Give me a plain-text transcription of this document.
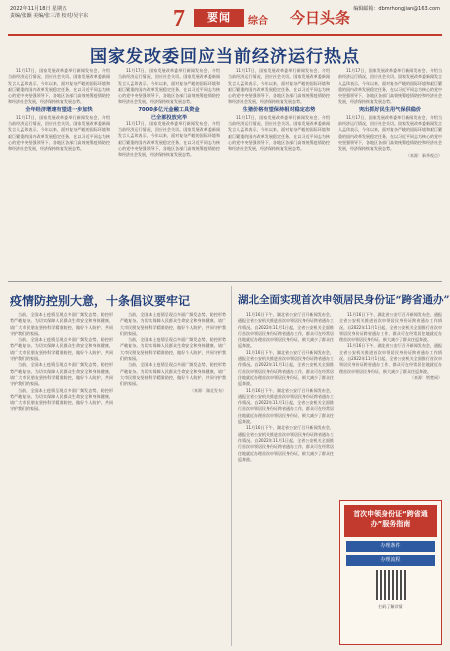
2022年11月18日 星期五
责编/张颖 美编/张三清 校对/吴宇东	7	要闻	综合 今日头条 编辑邮箱：dbmrhongjian@163.com
国家发改委回应当前经济运行热点

11月17日，国家发展改革委举行新闻发布会，介绍当前经济运行情况，回应社会关切。国家发展改革委新闻发言人孟玮表示，今年以来，面对复杂严峻的国际环境和艰巨繁重的国内改革发展稳定任务，在以习近平同志为核心的党中央坚强领导下，各地区各部门高效统筹疫情防控和经济社会发展，经济保持恢复发展态势。

全年经济增速有望进一步加快

11月17日，国家发展改革委举行新闻发布会，介绍当前经济运行情况，回应社会关切。国家发展改革委新闻发言人孟玮表示，今年以来，面对复杂严峻的国际环境和艰巨繁重的国内改革发展稳定任务，在以习近平同志为核心的党中央坚强领导下，各地区各部门高效统筹疫情防控和经济社会发展，经济保持恢复发展态势。

11月17日，国家发展改革委举行新闻发布会，介绍当前经济运行情况，回应社会关切。国家发展改革委新闻发言人孟玮表示，今年以来，面对复杂严峻的国际环境和艰巨繁重的国内改革发展稳定任务，在以习近平同志为核心的党中央坚强领导下，各地区各部门高效统筹疫情防控和经济社会发展，经济保持恢复发展态势。

7000多亿元金融工具资金
已全部投放完毕

11月17日，国家发展改革委举行新闻发布会，介绍当前经济运行情况，回应社会关切。国家发展改革委新闻发言人孟玮表示，今年以来，面对复杂严峻的国际环境和艰巨繁重的国内改革发展稳定任务，在以习近平同志为核心的党中央坚强领导下，各地区各部门高效统筹疫情防控和经济社会发展，经济保持恢复发展态势。

11月17日，国家发展改革委举行新闻发布会，介绍当前经济运行情况，回应社会关切。国家发展改革委新闻发言人孟玮表示，今年以来，面对复杂严峻的国际环境和艰巨繁重的国内改革发展稳定任务，在以习近平同志为核心的党中央坚强领导下，各地区各部门高效统筹疫情防控和经济社会发展，经济保持恢复发展态势。

生猪价格有望保持相对稳定态势

11月17日，国家发展改革委举行新闻发布会，介绍当前经济运行情况，回应社会关切。国家发展改革委新闻发言人孟玮表示，今年以来，面对复杂严峻的国际环境和艰巨繁重的国内改革发展稳定任务，在以习近平同志为核心的党中央坚强领导下，各地区各部门高效统筹疫情防控和经济社会发展，经济保持恢复发展态势。

11月17日，国家发展改革委举行新闻发布会，介绍当前经济运行情况，回应社会关切。国家发展改革委新闻发言人孟玮表示，今年以来，面对复杂严峻的国际环境和艰巨繁重的国内改革发展稳定任务，在以习近平同志为核心的党中央坚强领导下，各地区各部门高效统筹疫情防控和经济社会发展，经济保持恢复发展态势。

突出抓好民生用气保供稳价

11月17日，国家发展改革委举行新闻发布会，介绍当前经济运行情况，回应社会关切。国家发展改革委新闻发言人孟玮表示，今年以来，面对复杂严峻的国际环境和艰巨繁重的国内改革发展稳定任务，在以习近平同志为核心的党中央坚强领导下，各地区各部门高效统筹疫情防控和经济社会发展，经济保持恢复发展态势。

（来源：新华视点）
疫情防控别大意，十条倡议要牢记

当前，全国本土疫情呈现点多面广频发态势，防控形势严峻复杂。为切实保障人民群众生命安全和身体健康，请广大市民朋友坚持科学精准防控，做好个人防护，共同守护我们的家园。

当前，全国本土疫情呈现点多面广频发态势，防控形势严峻复杂。为切实保障人民群众生命安全和身体健康，请广大市民朋友坚持科学精准防控，做好个人防护，共同守护我们的家园。

当前，全国本土疫情呈现点多面广频发态势，防控形势严峻复杂。为切实保障人民群众生命安全和身体健康，请广大市民朋友坚持科学精准防控，做好个人防护，共同守护我们的家园。

当前，全国本土疫情呈现点多面广频发态势，防控形势严峻复杂。为切实保障人民群众生命安全和身体健康，请广大市民朋友坚持科学精准防控，做好个人防护，共同守护我们的家园。

当前，全国本土疫情呈现点多面广频发态势，防控形势严峻复杂。为切实保障人民群众生命安全和身体健康，请广大市民朋友坚持科学精准防控，做好个人防护，共同守护我们的家园。

当前，全国本土疫情呈现点多面广频发态势，防控形势严峻复杂。为切实保障人民群众生命安全和身体健康，请广大市民朋友坚持科学精准防控，做好个人防护，共同守护我们的家园。

当前，全国本土疫情呈现点多面广频发态势，防控形势严峻复杂。为切实保障人民群众生命安全和身体健康，请广大市民朋友坚持科学精准防控，做好个人防护，共同守护我们的家园。

（来源：湖北发布）
湖北全面实现首次申领居民身份证“跨省通办”

11月16日下午，湖北省公安厅召开新闻发布会，通报全省公安机关推进首次申领居民身份证跨省通办工作情况。自2022年11月1日起，全省公安机关全面推行首次申领居民身份证跨省通办工作，群众可在经常居住地就近办理首次申领居民身份证，极大减少了群众往返奔波。

11月16日下午，湖北省公安厅召开新闻发布会，通报全省公安机关推进首次申领居民身份证跨省通办工作情况。自2022年11月1日起，全省公安机关全面推行首次申领居民身份证跨省通办工作，群众可在经常居住地就近办理首次申领居民身份证，极大减少了群众往返奔波。

11月16日下午，湖北省公安厅召开新闻发布会，通报全省公安机关推进首次申领居民身份证跨省通办工作情况。自2022年11月1日起，全省公安机关全面推行首次申领居民身份证跨省通办工作，群众可在经常居住地就近办理首次申领居民身份证，极大减少了群众往返奔波。

11月16日下午，湖北省公安厅召开新闻发布会，通报全省公安机关推进首次申领居民身份证跨省通办工作情况。自2022年11月1日起，全省公安机关全面推行首次申领居民身份证跨省通办工作，群众可在经常居住地就近办理首次申领居民身份证，极大减少了群众往返奔波。

11月16日下午，湖北省公安厅召开新闻发布会，通报全省公安机关推进首次申领居民身份证跨省通办工作情况。自2022年11月1日起，全省公安机关全面推行首次申领居民身份证跨省通办工作，群众可在经常居住地就近办理首次申领居民身份证，极大减少了群众往返奔波。

11月16日下午，湖北省公安厅召开新闻发布会，通报全省公安机关推进首次申领居民身份证跨省通办工作情况。自2022年11月1日起，全省公安机关全面推行首次申领居民身份证跨省通办工作，群众可在经常居住地就近办理首次申领居民身份证，极大减少了群众往返奔波。

（来源：荆楚网）
首次申领身份证“跨省通办”服务指南
办理条件
办理流程
扫码了解详情
